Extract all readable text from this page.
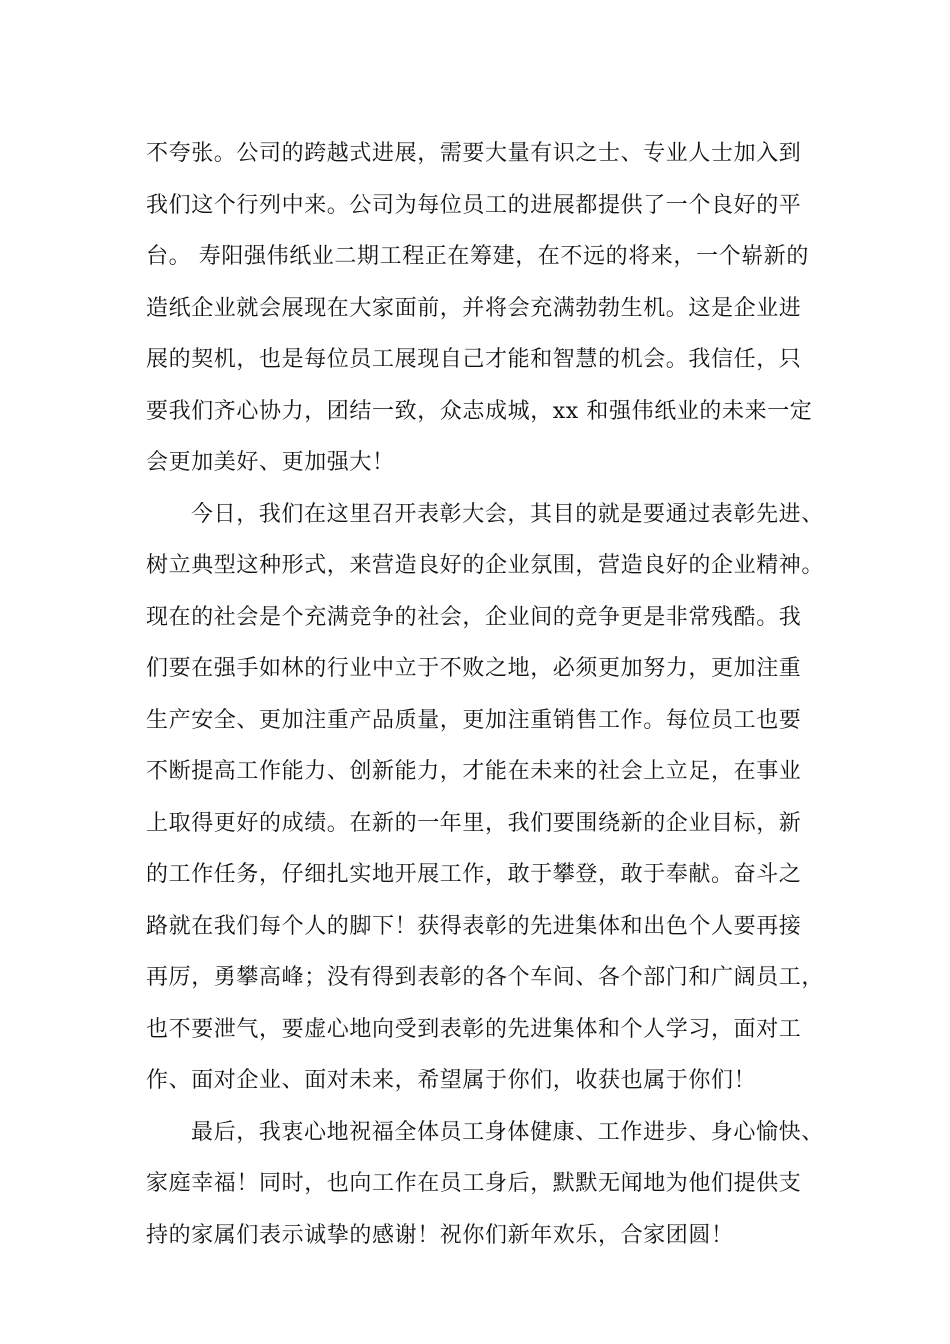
不夸张。公司的跨越式进展，需要大量有识之士、专业人士加入到
我们这个行列中来。公司为每位员工的进展都提供了一个良好的平
台。 寿阳强伟纸业二期工程正在筹建，在不远的将来，一个崭新的
造纸企业就会展现在大家面前，并将会充满勃勃生机。这是企业进
展的契机，也是每位员工展现自己才能和智慧的机会。我信任，只
要我们齐心协力，团结一致，众志成城，xx 和强伟纸业的未来一定
会更加美好、更加强大！
今日，我们在这里召开表彰大会，其目的就是要通过表彰先进、
树立典型这种形式，来营造良好的企业氛围，营造良好的企业精神。
现在的社会是个充满竞争的社会，企业间的竞争更是非常残酷。我
们要在强手如林的行业中立于不败之地，必须更加努力，更加注重
生产安全、更加注重产品质量，更加注重销售工作。每位员工也要
不断提高工作能力、创新能力，才能在未来的社会上立足，在事业
上取得更好的成绩。在新的一年里，我们要围绕新的企业目标，新
的工作任务，仔细扎实地开展工作，敢于攀登，敢于奉献。奋斗之
路就在我们每个人的脚下！获得表彰的先进集体和出色个人要再接
再厉，勇攀高峰；没有得到表彰的各个车间、各个部门和广阔员工，
也不要泄气，要虚心地向受到表彰的先进集体和个人学习，面对工
作、面对企业、面对未来，希望属于你们，收获也属于你们！
最后，我衷心地祝福全体员工身体健康、工作进步、身心愉快、
家庭幸福！同时，也向工作在员工身后，默默无闻地为他们提供支
持的家属们表示诚挚的感谢！祝你们新年欢乐，合家团圆！
